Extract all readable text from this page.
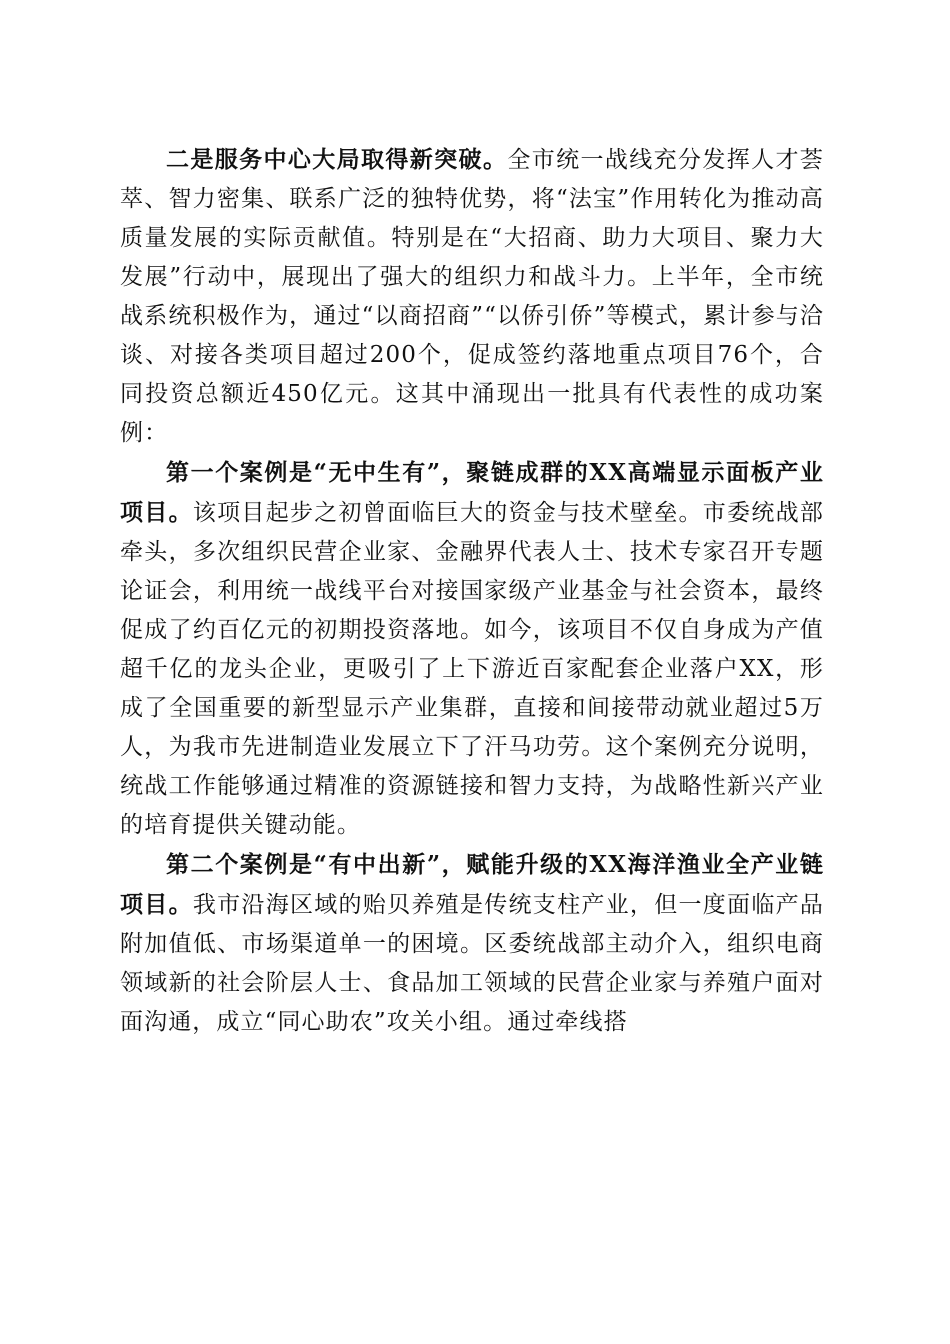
二是服务中心大局取得新突破。全市统一战线充分发挥人才荟萃、智力密集、联系广泛的独特优势，将“法宝”作用转化为推动高质量发展的实际贡献值。特别是在“大招商、助力大项目、聚力大发展”行动中，展现出了强大的组织力和战斗力。上半年，全市统战系统积极作为，通过“以商招商”“以侨引侨”等模式，累计参与洽谈、对接各类项目超过200个，促成签约落地重点项目76个，合同投资总额近450亿元。这其中涌现出一批具有代表性的成功案例：

第一个案例是“无中生有”，聚链成群的XX高端显示面板产业项目。该项目起步之初曾面临巨大的资金与技术壁垒。市委统战部牵头，多次组织民营企业家、金融界代表人士、技术专家召开专题论证会，利用统一战线平台对接国家级产业基金与社会资本，最终促成了约百亿元的初期投资落地。如今，该项目不仅自身成为产值超千亿的龙头企业，更吸引了上下游近百家配套企业落户XX，形成了全国重要的新型显示产业集群，直接和间接带动就业超过5万人，为我市先进制造业发展立下了汗马功劳。这个案例充分说明，统战工作能够通过精准的资源链接和智力支持，为战略性新兴产业的培育提供关键动能。

第二个案例是“有中出新”，赋能升级的XX海洋渔业全产业链项目。我市沿海区域的贻贝养殖是传统支柱产业，但一度面临产品附加值低、市场渠道单一的困境。区委统战部主动介入，组织电商领域新的社会阶层人士、食品加工领域的民营企业家与养殖户面对面沟通，成立“同心助农”攻关小组。通过牵线搭
